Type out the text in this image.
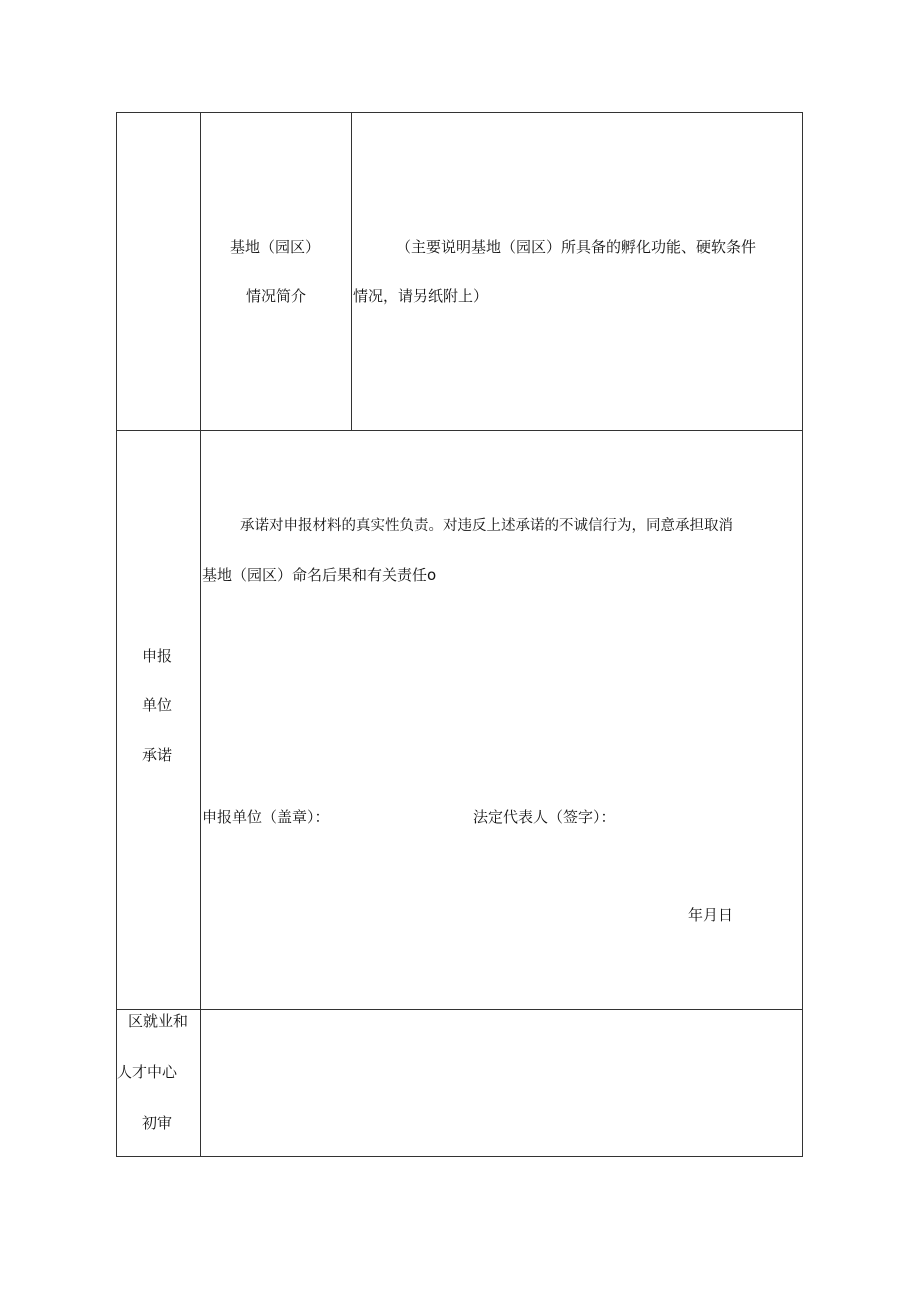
基地（园区）
情况简介
（主要说明基地（园区）所具备的孵化功能、硬软条件
情况，请另纸附上）
申报
单位
承诺
承诺对申报材料的真实性负责。对违反上述承诺的不诚信行为，同意承担取消
基地（园区）命名后果和有关责任o
申报单位（盖章）：	法定代表人（签字）：
年月日
区就业和
人才中心
初审
